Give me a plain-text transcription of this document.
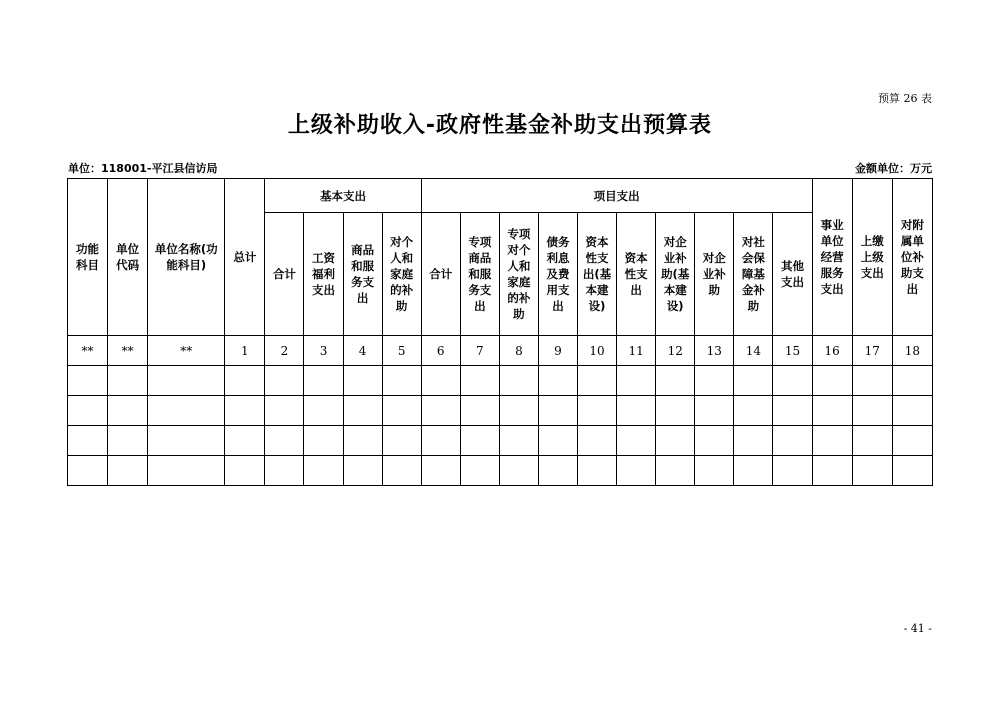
预算 26 表
上级补助收入-政府性基金补助支出预算表
单位：118001-平江县信访局	金额单位：万元
功能科目	单位代码	单位名称(功能科目)	总计	基本支出				项目支出										事业单位经营服务支出	上缴上级支出	对附属单位补助支出
				合计	工资福利支出	商品和服务支出	对个人和家庭的补助	合计	专项商品和服务支出	专项对个人和家庭的补助	债务利息及费用支出	资本性支出(基本建设)	资本性支出	对企业补助(基本建设)	对企业补助	对社会保障基金补助	其他支出			
**	**	**	1	2	3	4	5	6	7	8	9	10	11	12	13	14	15	16	17	18

- 41 -
